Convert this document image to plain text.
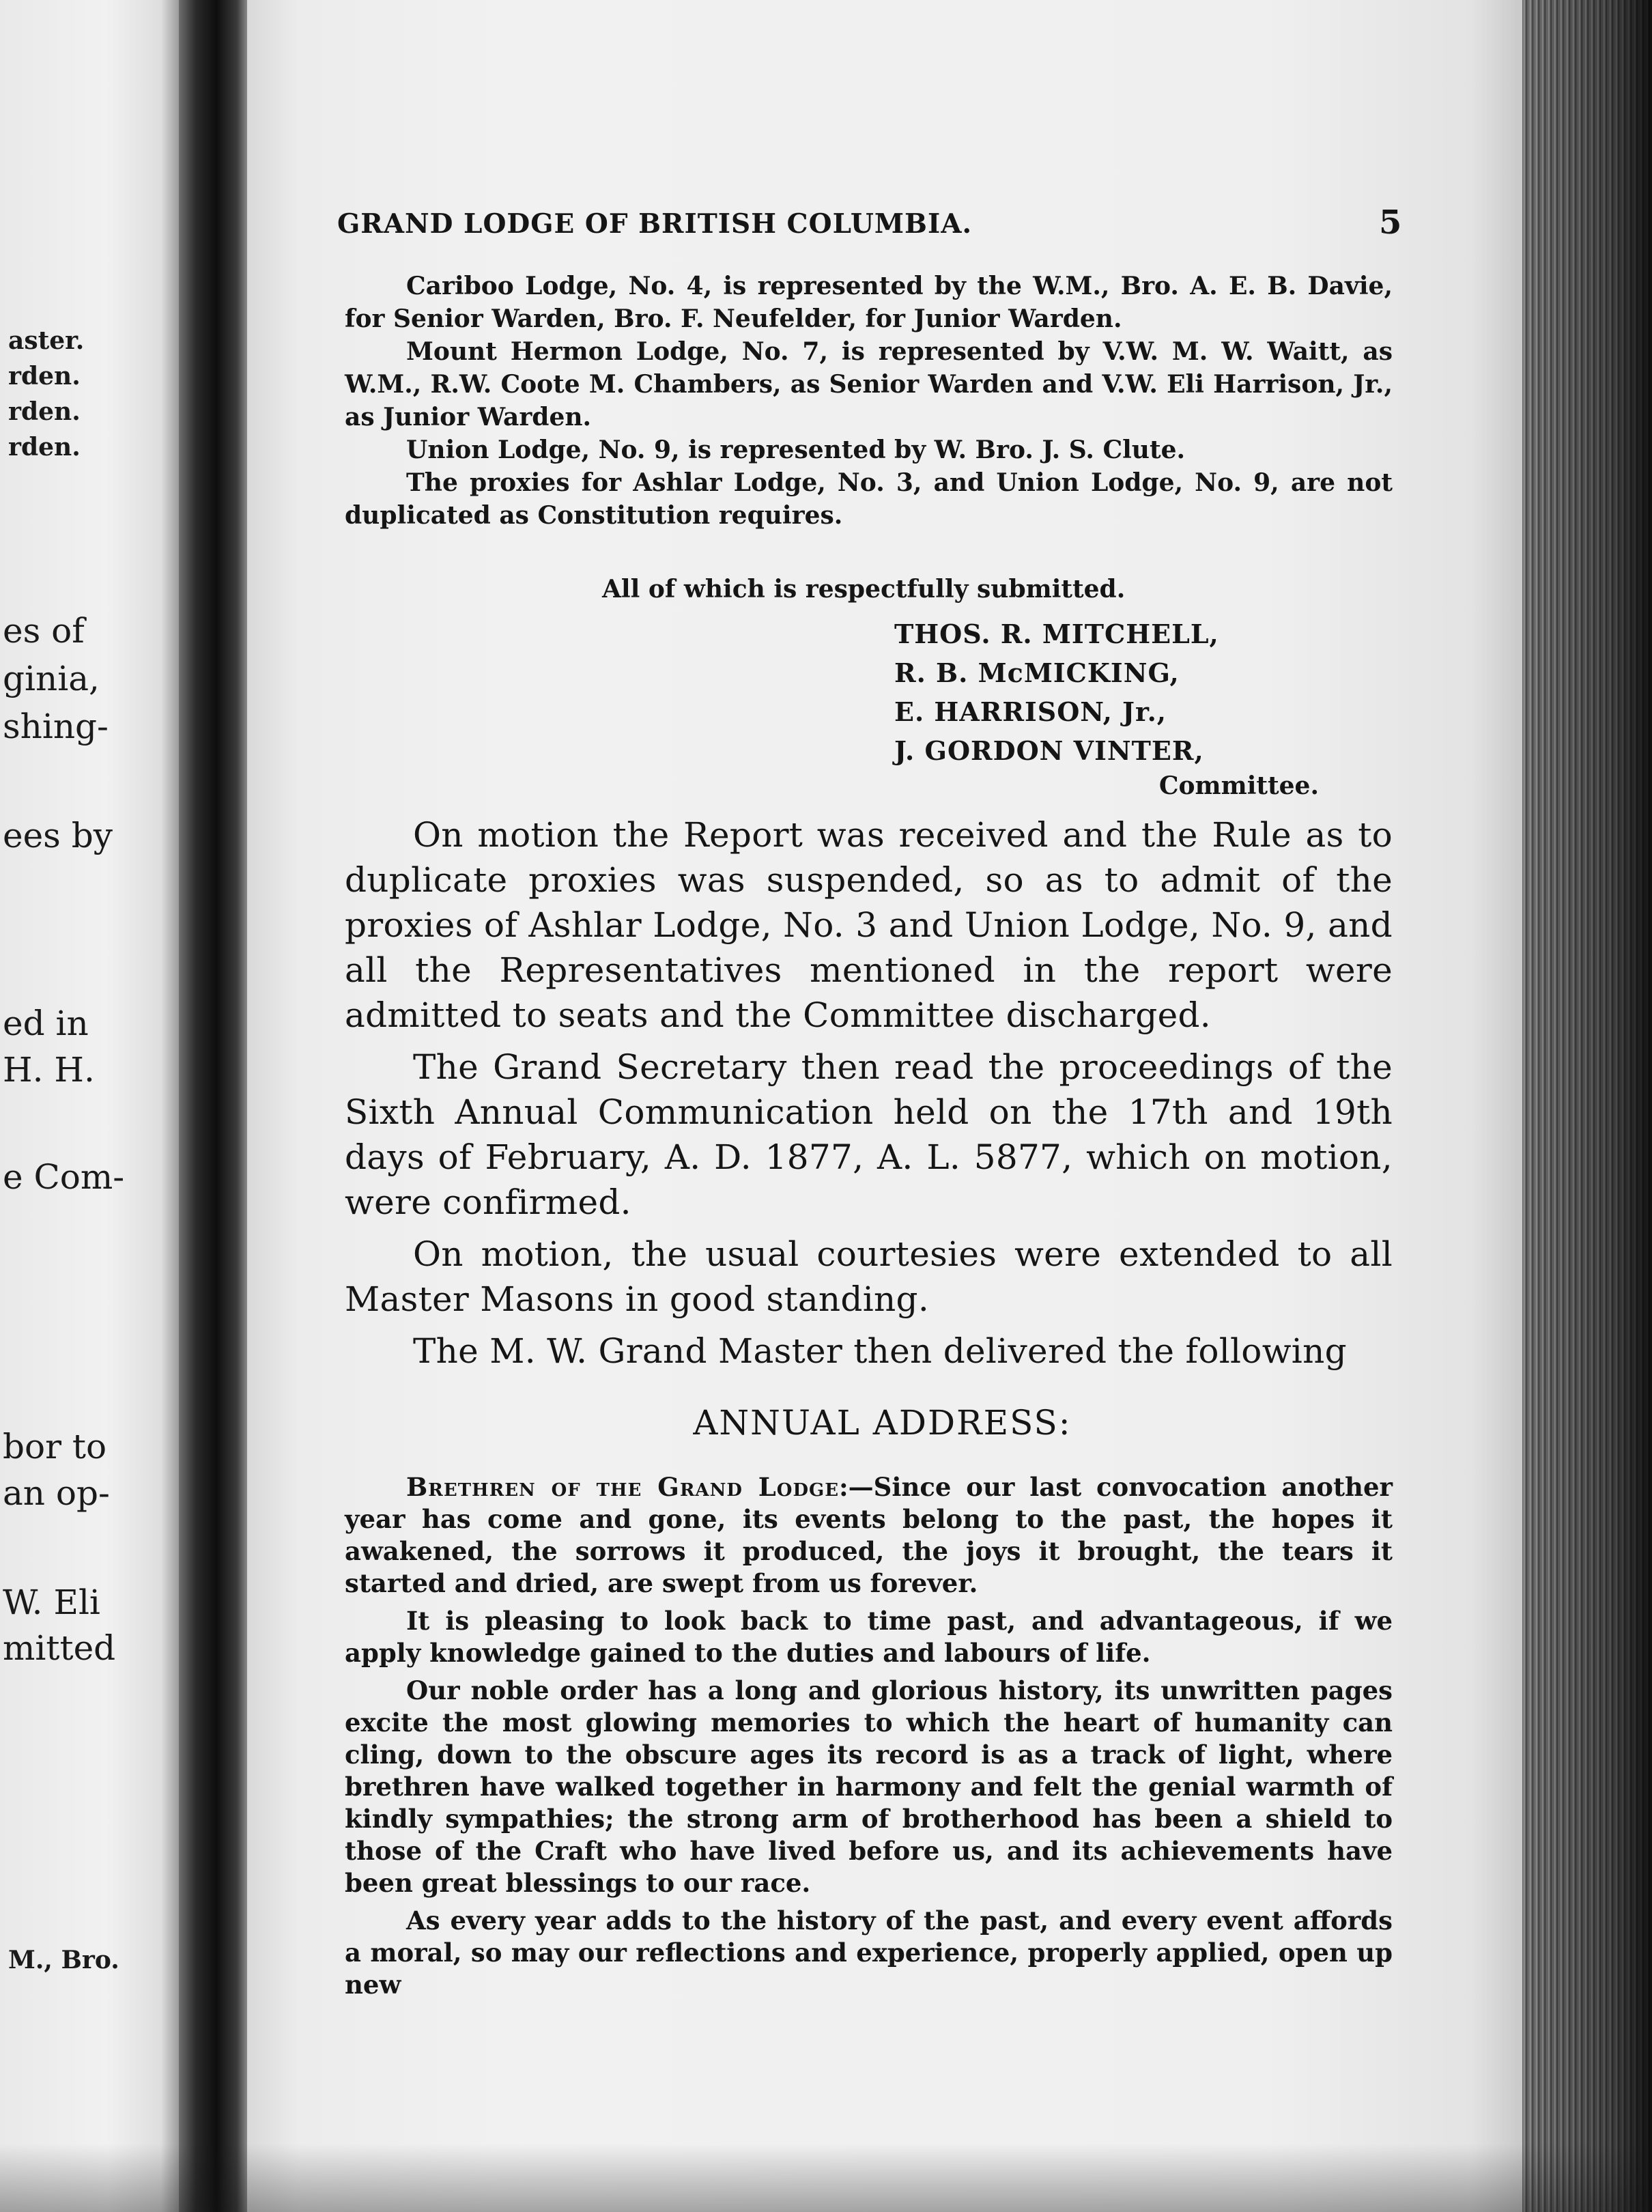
aster.
rden.
rden.
rden.
es of
ginia,
shing-
ees by
ed in
H. H.
e Com-
bor to
an op-
W. Eli
mitted
M., Bro.
GRAND LODGE OF BRITISH COLUMBIA.	5

Cariboo Lodge, No. 4, is represented by the W.M., Bro. A. E. B. Davie, for Senior Warden, Bro. F. Neufelder, for Junior Warden.

Mount Hermon Lodge, No. 7, is represented by V.W. M. W. Waitt, as W.M., R.W. Coote M. Chambers, as Senior Warden and V.W. Eli Harrison, Jr., as Junior Warden.

Union Lodge, No. 9, is represented by W. Bro. J. S. Clute.

The proxies for Ashlar Lodge, No. 3, and Union Lodge, No. 9, are not duplicated as Constitution requires.

All of which is respectfully submitted.
THOS. R. MITCHELL,
R. B. McMICKING,
E. HARRISON, Jr.,
J. GORDON VINTER,
Committee.

On motion the Report was received and the Rule as to duplicate proxies was suspended, so as to admit of the proxies of Ashlar Lodge, No. 3 and Union Lodge, No. 9, and all the Representatives mentioned in the report were admitted to seats and the Committee discharged.

The Grand Secretary then read the proceedings of the Sixth Annual Communication held on the 17th and 19th days of February, A. D. 1877, A. L. 5877, which on motion, were confirmed.

On motion, the usual courtesies were extended to all Master Masons in good standing.

The M. W. Grand Master then delivered the following

ANNUAL ADDRESS:

Brethren of the Grand Lodge:—Since our last convocation another year has come and gone, its events belong to the past, the hopes it awakened, the sorrows it produced, the joys it brought, the tears it started and dried, are swept from us forever.

It is pleasing to look back to time past, and advantageous, if we apply knowledge gained to the duties and labours of life.

Our noble order has a long and glorious history, its unwritten pages excite the most glowing memories to which the heart of humanity can cling, down to the obscure ages its record is as a track of light, where brethren have walked together in harmony and felt the genial warmth of kindly sympathies; the strong arm of brotherhood has been a shield to those of the Craft who have lived before us, and its achievements have been great blessings to our race.

As every year adds to the history of the past, and every event affords a moral, so may our reflections and experience, properly applied, open up new
